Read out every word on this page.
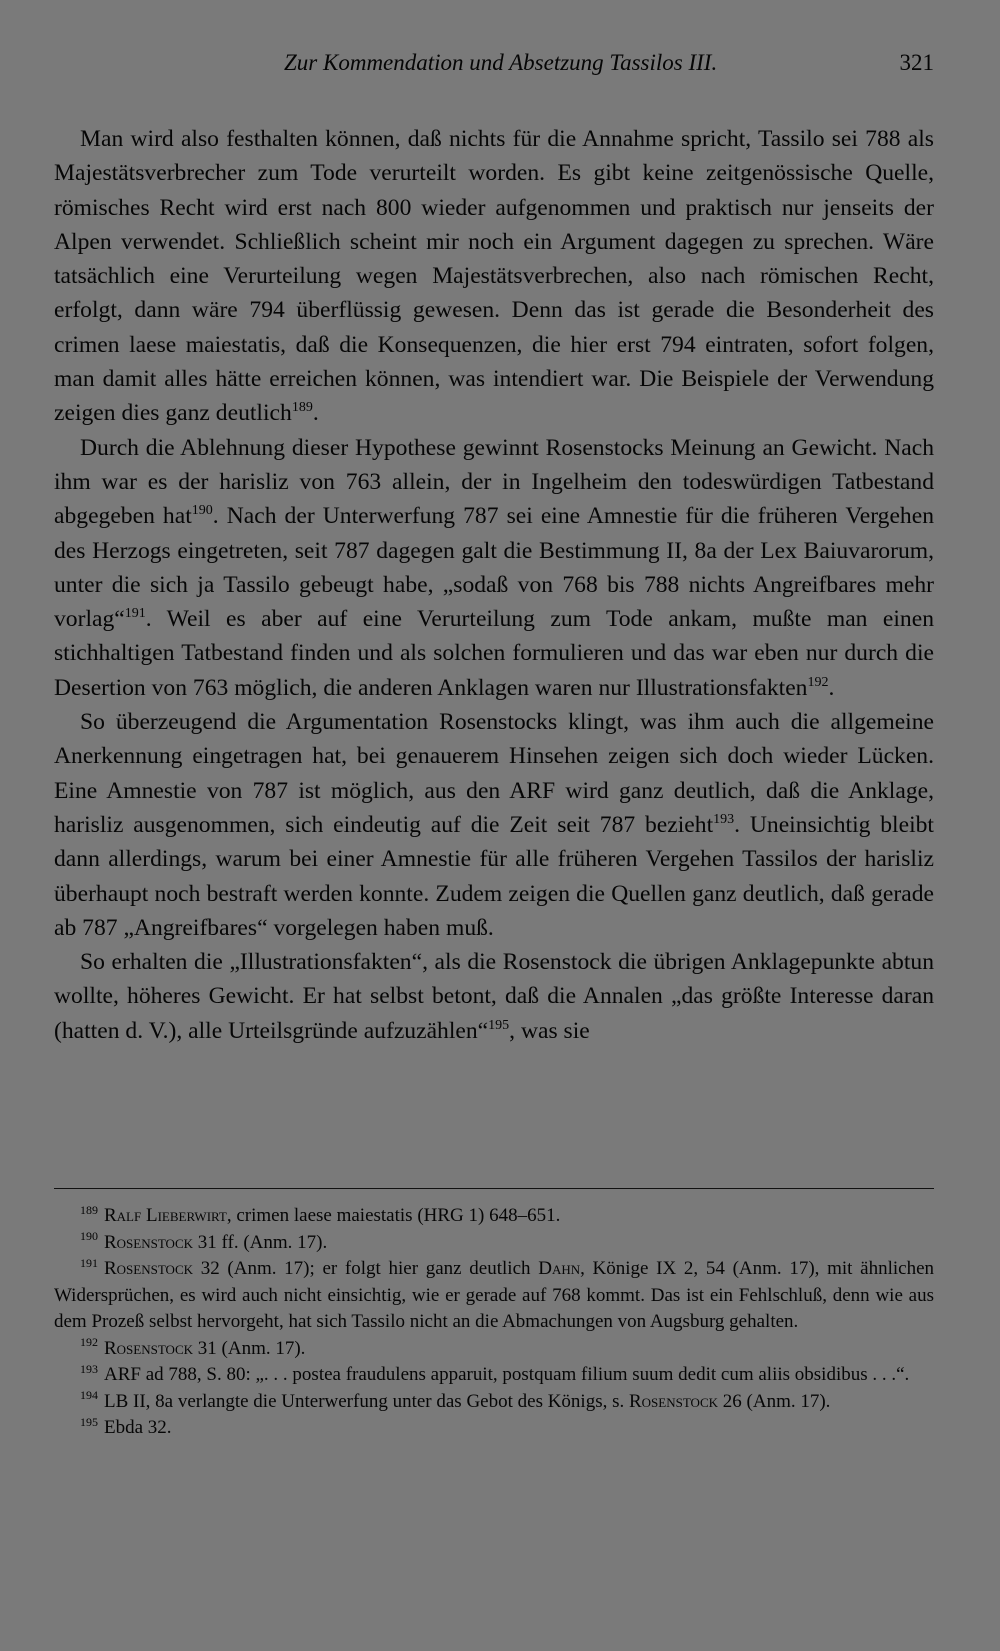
Zur Kommendation und Absetzung Tassilos III.	321

Man wird also festhalten können, daß nichts für die Annahme spricht, Tassilo sei 788 als Majestätsverbrecher zum Tode verurteilt worden. Es gibt keine zeitgenössische Quelle, römisches Recht wird erst nach 800 wieder aufgenommen und praktisch nur jenseits der Alpen verwendet. Schließlich scheint mir noch ein Argument dagegen zu sprechen. Wäre tatsächlich eine Verurteilung wegen Majestätsverbrechen, also nach römischen Recht, erfolgt, dann wäre 794 überflüssig gewesen. Denn das ist gerade die Besonderheit des crimen laese maiestatis, daß die Konsequenzen, die hier erst 794 eintraten, sofort folgen, man damit alles hätte erreichen können, was intendiert war. Die Beispiele der Verwendung zeigen dies ganz deutlich$^{189}$.

Durch die Ablehnung dieser Hypothese gewinnt Rosenstocks Meinung an Gewicht. Nach ihm war es der harisliz von 763 allein, der in Ingelheim den todeswürdigen Tatbestand abgegeben hat$^{190}$. Nach der Unterwerfung 787 sei eine Amnestie für die früheren Vergehen des Herzogs eingetreten, seit 787 dagegen galt die Bestimmung II, 8a der Lex Baiuvarorum, unter die sich ja Tassilo gebeugt habe, „sodaß von 768 bis 788 nichts Angreifbares mehr vorlag“$^{191}$. Weil es aber auf eine Verurteilung zum Tode ankam, mußte man einen stichhaltigen Tatbestand finden und als solchen formulieren und das war eben nur durch die Desertion von 763 möglich, die anderen Anklagen waren nur Illustrationsfakten$^{192}$.

So überzeugend die Argumentation Rosenstocks klingt, was ihm auch die allgemeine Anerkennung eingetragen hat, bei genauerem Hinsehen zeigen sich doch wieder Lücken. Eine Amnestie von 787 ist möglich, aus den ARF wird ganz deutlich, daß die Anklage, harisliz ausgenommen, sich eindeutig auf die Zeit seit 787 bezieht$^{193}$. Uneinsichtig bleibt dann allerdings, warum bei einer Amnestie für alle früheren Vergehen Tassilos der harisliz überhaupt noch bestraft werden konnte. Zudem zeigen die Quellen ganz deutlich, daß gerade ab 787 „Angreifbares“ vorgelegen haben muß.

So erhalten die „Illustrationsfakten“, als die Rosenstock die übrigen Anklagepunkte abtun wollte, höheres Gewicht. Er hat selbst betont, daß die Annalen „das größte Interesse daran (hatten d. V.), alle Urteilsgründe aufzuzählen“$^{195}$, was sie

$^{189}$ Ralf Lieberwirt, crimen laese maiestatis (HRG 1) 648–651.

$^{190}$ Rosenstock 31 ff. (Anm. 17).

$^{191}$ Rosenstock 32 (Anm. 17); er folgt hier ganz deutlich Dahn, Könige IX 2, 54 (Anm. 17), mit ähnlichen Widersprüchen, es wird auch nicht einsichtig, wie er gerade auf 768 kommt. Das ist ein Fehlschluß, denn wie aus dem Prozeß selbst hervorgeht, hat sich Tassilo nicht an die Abmachungen von Augsburg gehalten.

$^{192}$ Rosenstock 31 (Anm. 17).

$^{193}$ ARF ad 788, S. 80: „. . . postea fraudulens apparuit, postquam filium suum dedit cum aliis obsidibus . . .“.

$^{194}$ LB II, 8a verlangte die Unterwerfung unter das Gebot des Königs, s. Rosenstock 26 (Anm. 17).

$^{195}$ Ebda 32.
